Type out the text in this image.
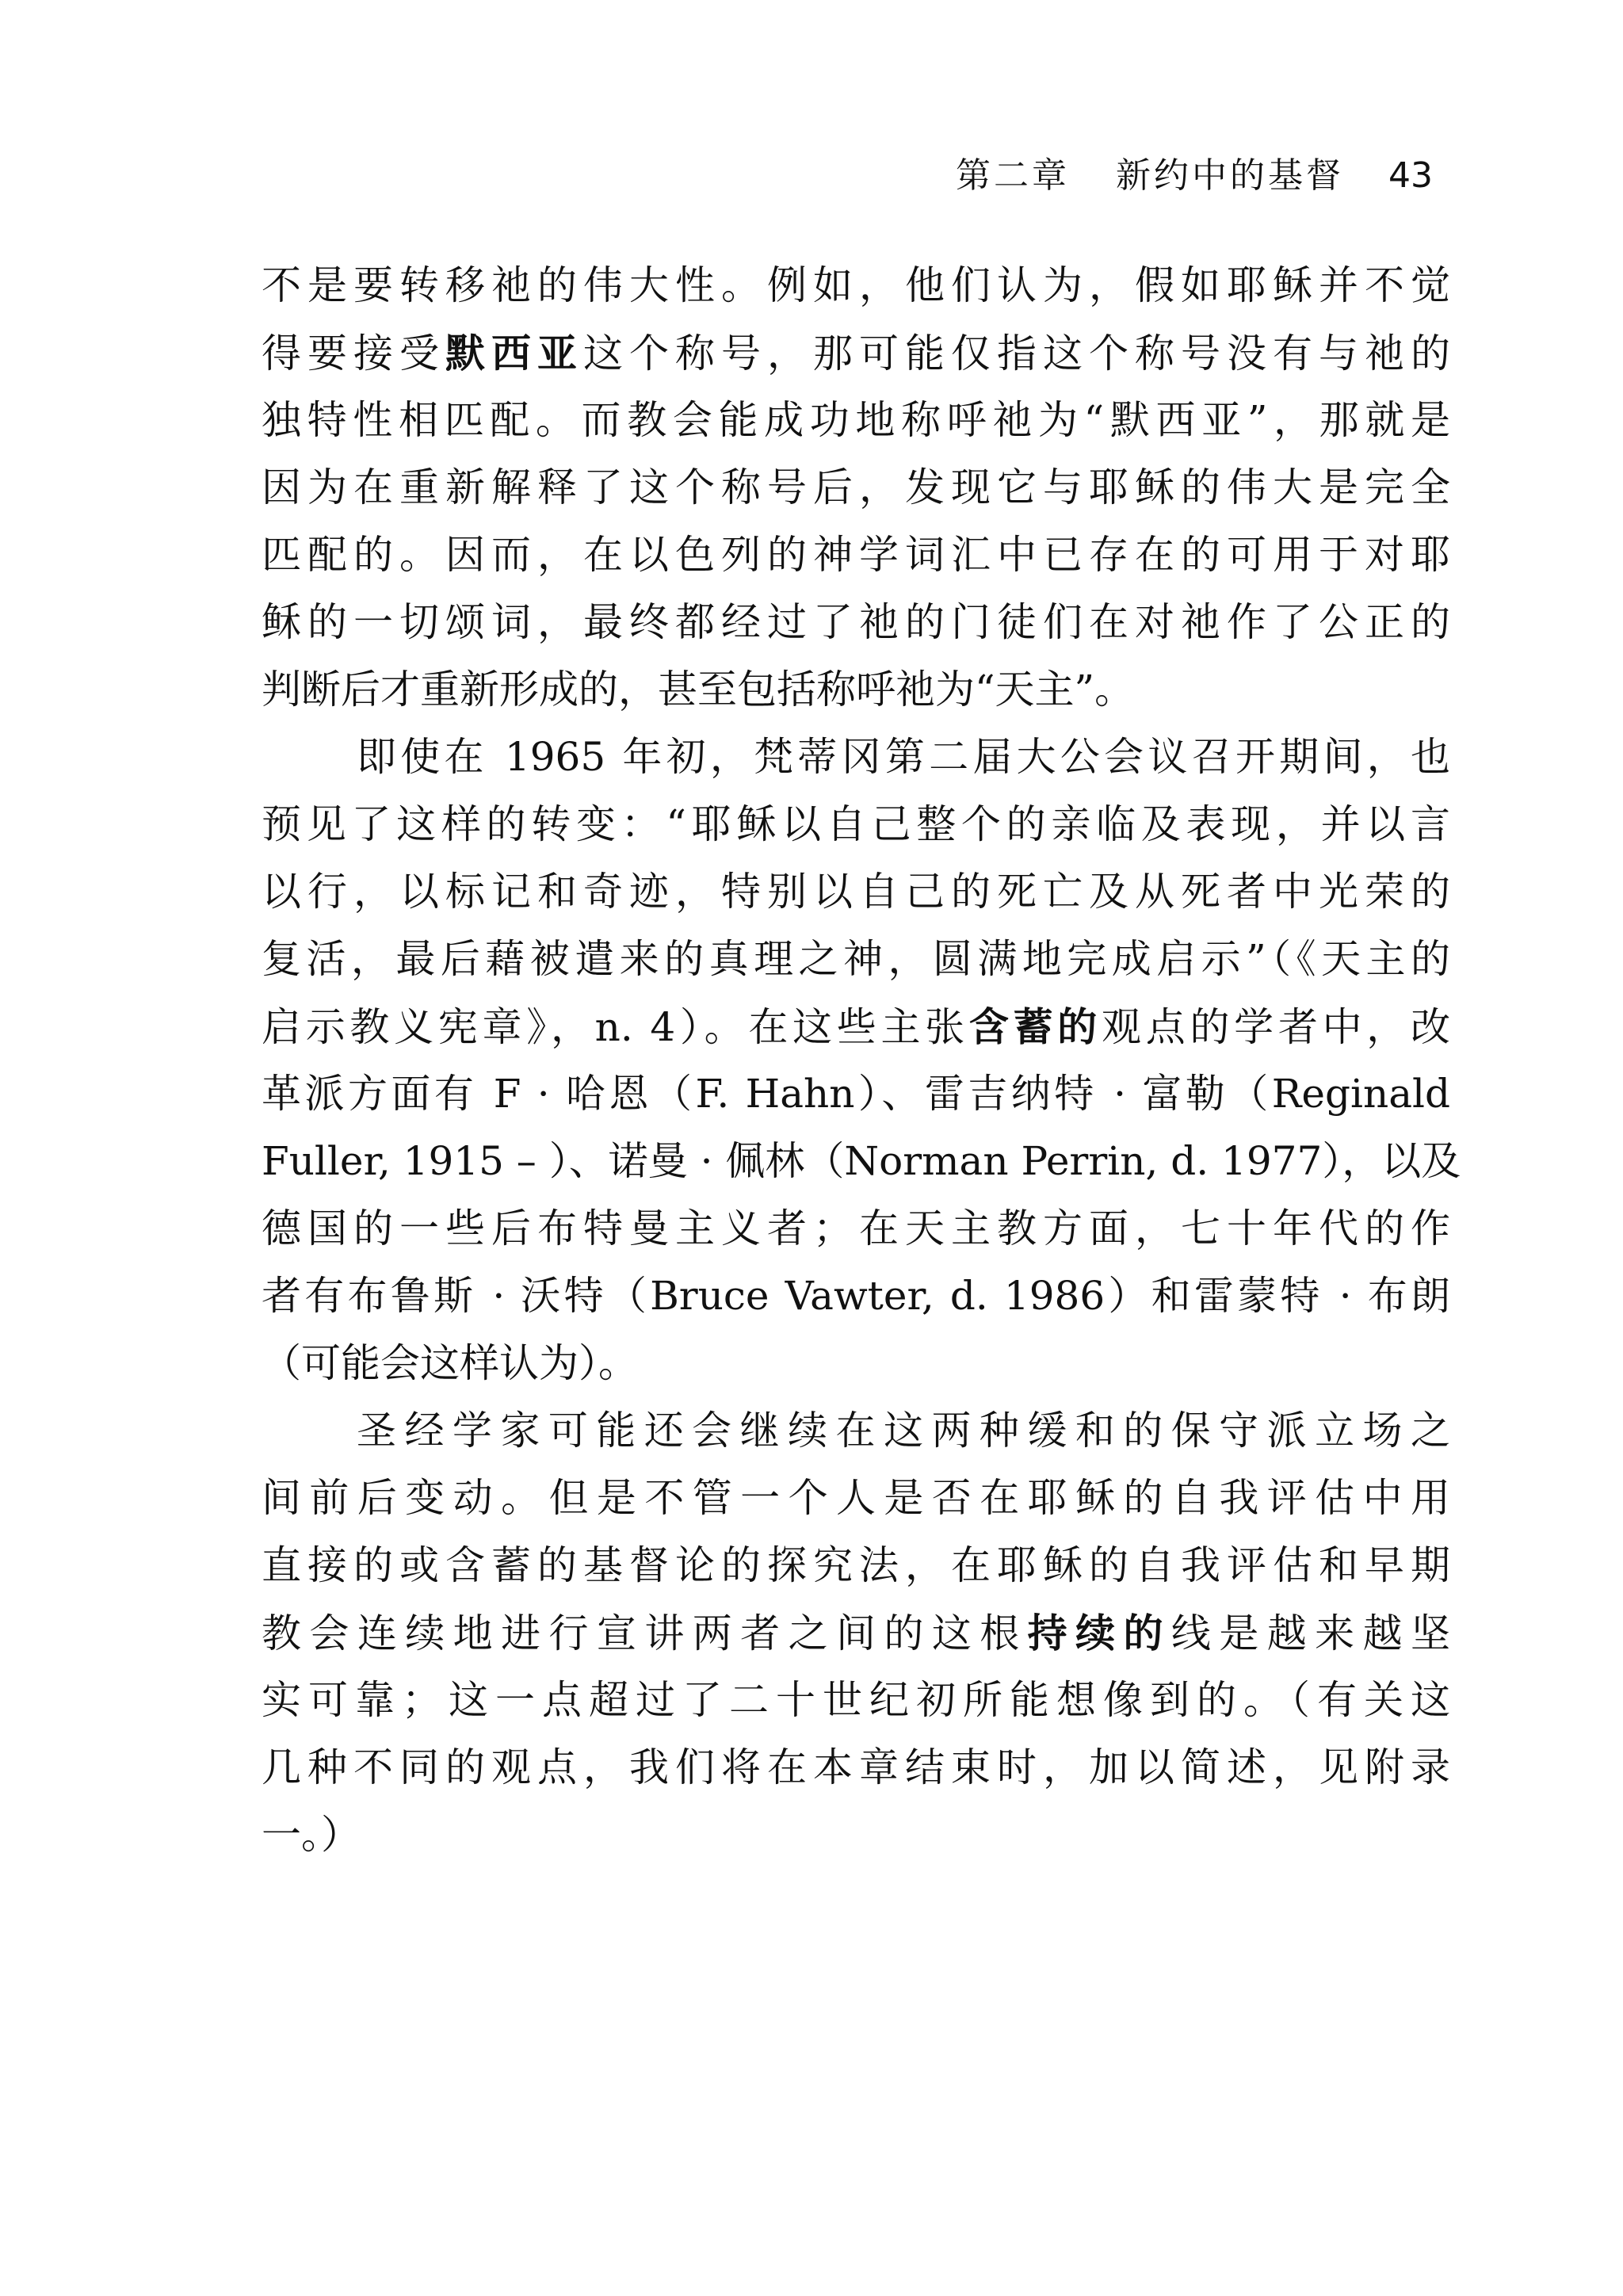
第二章 新约中的基督 43
不是要转移祂的伟大性。例如，他们认为，假如耶稣并不觉
得要接受默西亚这个称号，那可能仅指这个称号没有与祂的
独特性相匹配。而教会能成功地称呼祂为“默西亚”，那就是
因为在重新解释了这个称号后，发现它与耶稣的伟大是完全
匹配的。因而，在以色列的神学词汇中已存在的可用于对耶
稣的一切颂词，最终都经过了祂的门徒们在对祂作了公正的
判断后才重新形成的，甚至包括称呼祂为“天主”。
即使在 1965 年初，梵蒂冈第二届大公会议召开期间，也
预见了这样的转变：“耶稣以自己整个的亲临及表现，并以言
以行，以标记和奇迹，特别以自己的死亡及从死者中光荣的
复活，最后藉被遣来的真理之神，圆满地完成启示”（《天主的
启示教义宪章》，n. 4）。在这些主张含蓄的观点的学者中，改
革派方面有 F · 哈恩（F. Hahn）、雷吉纳特 · 富勒（Reginald
Fuller, 1915 – ）、诺曼 · 佩林（Norman Perrin, d. 1977），以及
德国的一些后布特曼主义者；在天主教方面，七十年代的作
者有布鲁斯 · 沃特（Bruce Vawter, d. 1986）和雷蒙特 · 布朗
（可能会这样认为）。
圣经学家可能还会继续在这两种缓和的保守派立场之
间前后变动。但是不管一个人是否在耶稣的自我评估中用
直接的或含蓄的基督论的探究法，在耶稣的自我评估和早期
教会连续地进行宣讲两者之间的这根持续的线是越来越坚
实可靠；这一点超过了二十世纪初所能想像到的。（有关这
几种不同的观点，我们将在本章结束时，加以简述，见附录
一。）
